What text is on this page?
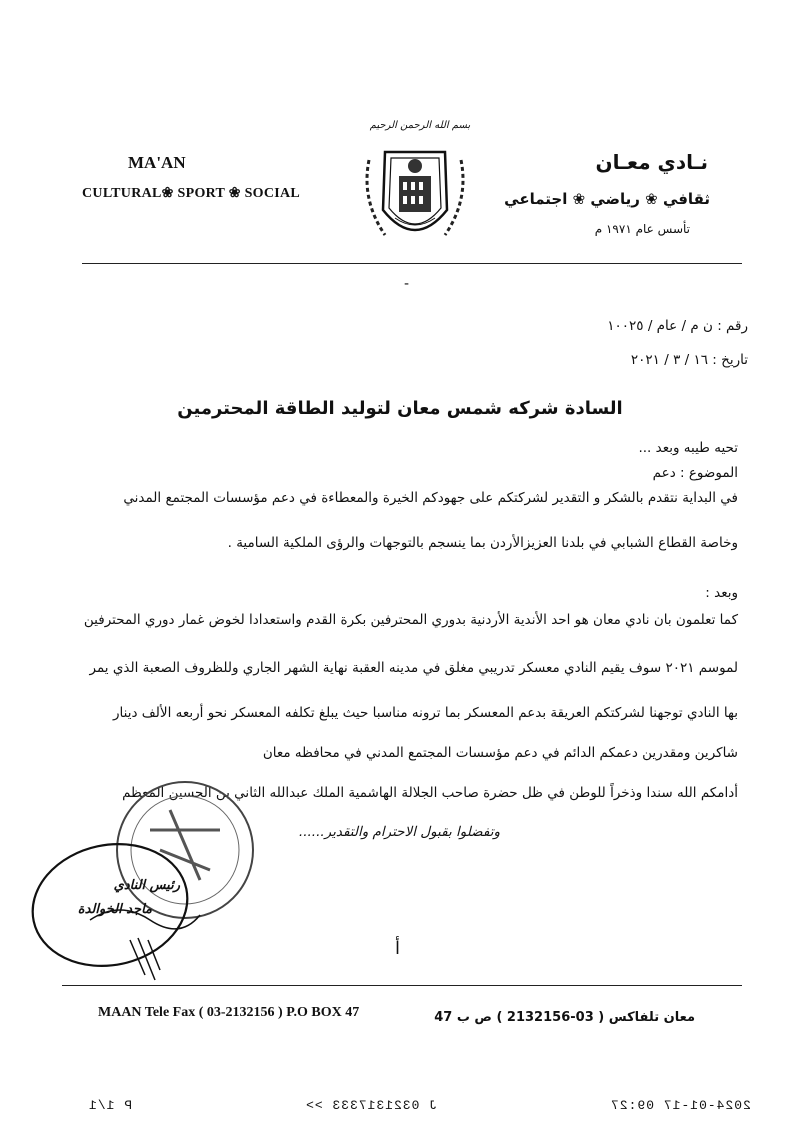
MA'AN
CULTURAL❀ SPORT ❀ SOCIAL
بسم الله الرحمن الرحيم
نـادي معـان
ثقافي ❀ رياضي ❀ اجتماعي
تأسس عام ١٩٧١ م
-
رقم : ن م / عام / ١٠٠٢٥
تاريخ : ١٦ / ٣ / ٢٠٢١
السادة شركه شمس معان لتوليد الطاقة المحترمين
تحيه طيبه وبعد ...
الموضوع : دعم
في البداية نتقدم بالشكر و التقدير لشركتكم على جهودكم الخيرة والمعطاءة في دعم مؤسسات المجتمع المدني
وخاصة القطاع الشبابي في بلدنا العزيزالأردن بما ينسجم بالتوجهات والرؤى الملكية السامية .
وبعد :
كما تعلمون بان نادي معان هو احد الأندية الأردنية بدوري المحترفين بكرة القدم واستعدادا لخوض غمار دوري المحترفين
لموسم ٢٠٢١ سوف يقيم النادي معسكر تدريبي مغلق في مدينه العقبة نهاية الشهر الجاري وللظروف الصعبة الذي يمر
بها النادي توجهنا لشركتكم العريقة بدعم المعسكر بما ترونه مناسبا حيث يبلغ تكلفه المعسكر نحو أربعه الألف دينار
شاكرين ومقدرين دعمكم الدائم في دعم مؤسسات المجتمع المدني في محافظه معان
أدامكم الله سندا وذخراً للوطن في ظل حضرة صاحب الجلالة الهاشمية الملك عبدالله الثاني بن الحسين المعظم
وتفضلوا بقبول الاحترام والتقدير......
رئيس النادي
ماجد الخوالدة
أ
MAAN Tele Fax ( 03-2132156 ) P.O BOX 47	معان تلفاكس ( 03-2132156 ) ص ب 47
P 1/1	J 0321317333 >>	2024-01-17 09:27
